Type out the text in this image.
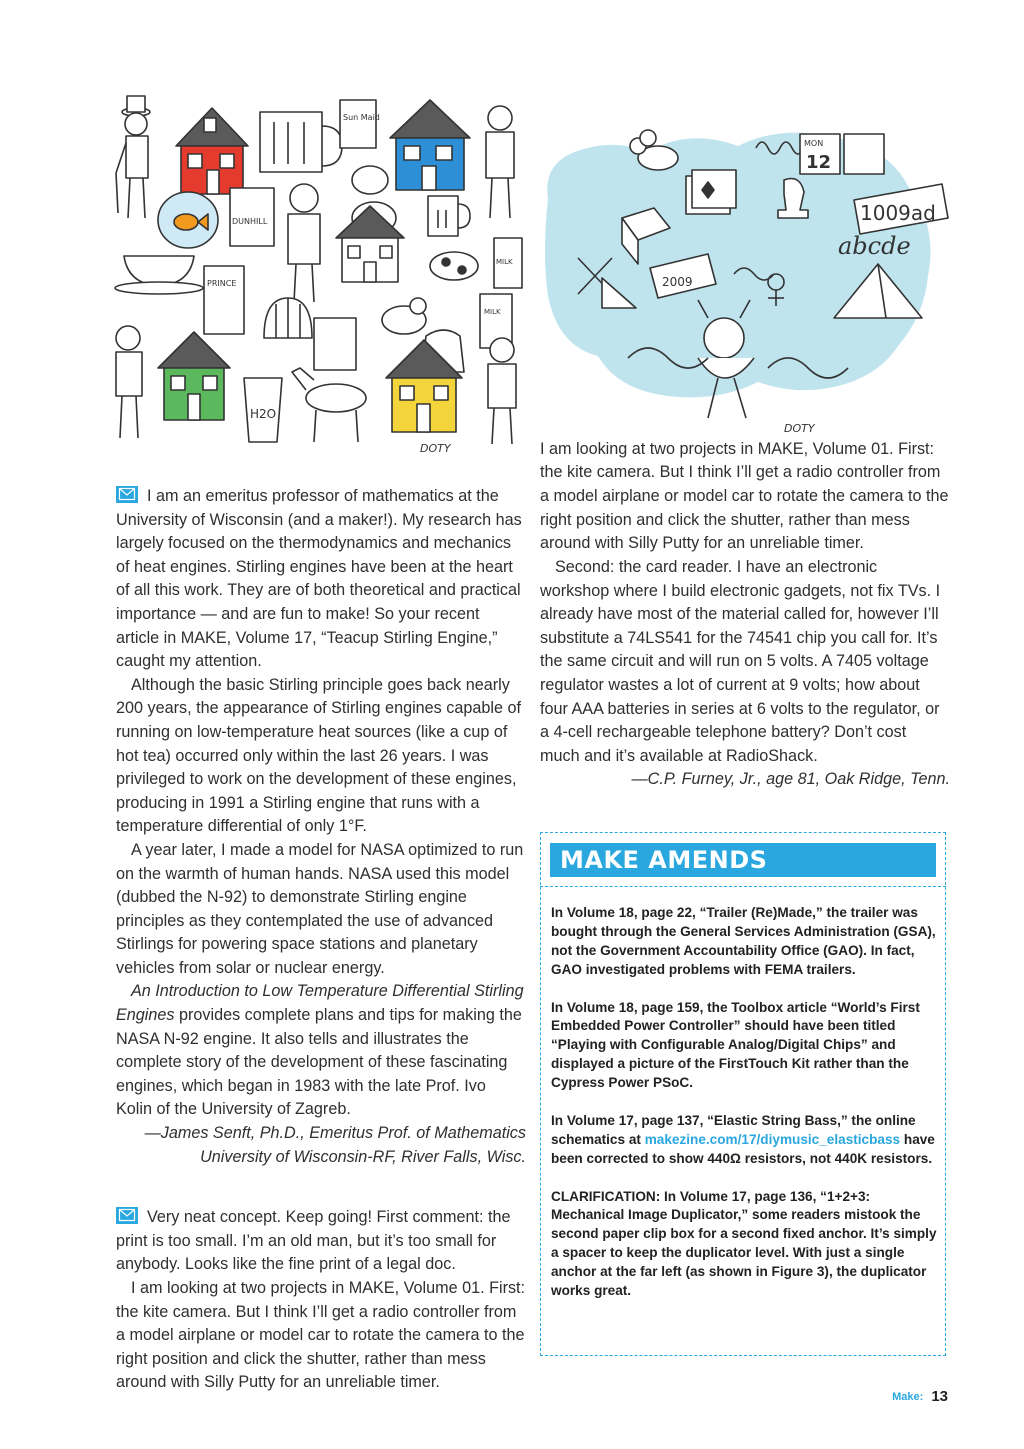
Sun Maid
DUNHILL
MILK
PRINCE
MILK
H2O
DOTY
MON
12
1009ad
abcde
2009
DOTY

I am an emeritus professor of mathematics at the University of Wisconsin (and a maker!). My research has largely focused on the thermodynamics and mechanics of heat engines. Stirling engines have been at the heart of all this work. They are of both theoretical and practical importance — and are fun to make! So your recent article in MAKE, Volume 17, “Teacup Stirling Engine,” caught my attention.

Although the basic Stirling principle goes back nearly 200 years, the appearance of Stirling engines capable of running on low-temperature heat sources (like a cup of hot tea) occurred only within the last 26 years. I was privileged to work on the development of these engines, producing in 1991 a Stirling engine that runs with a temperature differential of only 1°F.

A year later, I made a model for NASA optimized to run on the warmth of human hands. NASA used this model (dubbed the N-92) to demonstrate Stirling engine principles as they contemplated the use of advanced Stirlings for powering space stations and planetary vehicles from solar or nuclear energy.

An Introduction to Low Temperature Differential Stirling Engines provides complete plans and tips for making the NASA N-92 engine. It also tells and illustrates the complete story of the development of these fascinating engines, which began in 1983 with the late Prof. Ivo Kolin of the University of Zagreb.

—James Senft, Ph.D., Emeritus Prof. of Mathematics

University of Wisconsin-RF, River Falls, Wisc.

Very neat concept. Keep going! First comment: the print is too small. I’m an old man, but it’s too small for anybody. Looks like the fine print of a legal doc.

I am looking at two projects in MAKE, Volume 01. First: the kite camera. But I think I’ll get a radio controller from a model airplane or model car to rotate the camera to the right position and click the shutter, rather than mess around with Silly Putty for an unreliable timer.

I am looking at two projects in MAKE, Volume 01. First: the kite camera. But I think I’ll get a radio controller from a model airplane or model car to rotate the camera to the right position and click the shutter, rather than mess around with Silly Putty for an unreliable timer.

Second: the card reader. I have an electronic workshop where I build electronic gadgets, not fix TVs. I already have most of the material called for, however I’ll substitute a 74LS541 for the 74541 chip you call for. It’s the same circuit and will run on 5 volts. A 7405 voltage regulator wastes a lot of current at 9 volts; how about four AAA batteries in series at 6 volts to the regulator, or a 4-cell rechargeable telephone battery? Don’t cost much and it’s available at RadioShack.

—C.P. Furney, Jr., age 81, Oak Ridge, Tenn.

MAKE AMENDS

In Volume 18, page 22, “Trailer (Re)Made,” the trailer was bought through the General Services Administration (GSA), not the Government Accountability Office (GAO). In fact, GAO investigated problems with FEMA trailers.

In Volume 18, page 159, the Toolbox article “World’s First Embedded Power Controller” should have been titled “Playing with Configurable Analog/Digital Chips” and displayed a picture of the FirstTouch Kit rather than the Cypress Power PSoC.

In Volume 17, page 137, “Elastic String Bass,” the online schematics at makezine.com/17/diymusic_elasticbass have been corrected to show 440Ω resistors, not 440K resistors.

CLARIFICATION: In Volume 17, page 136, “1+2+3: Mechanical Image Duplicator,” some readers mistook the second paper clip box for a second fixed anchor. It’s simply a spacer to keep the duplicator level. With just a single anchor at the far left (as shown in Figure 3), the duplicator works great.

Make: 13
